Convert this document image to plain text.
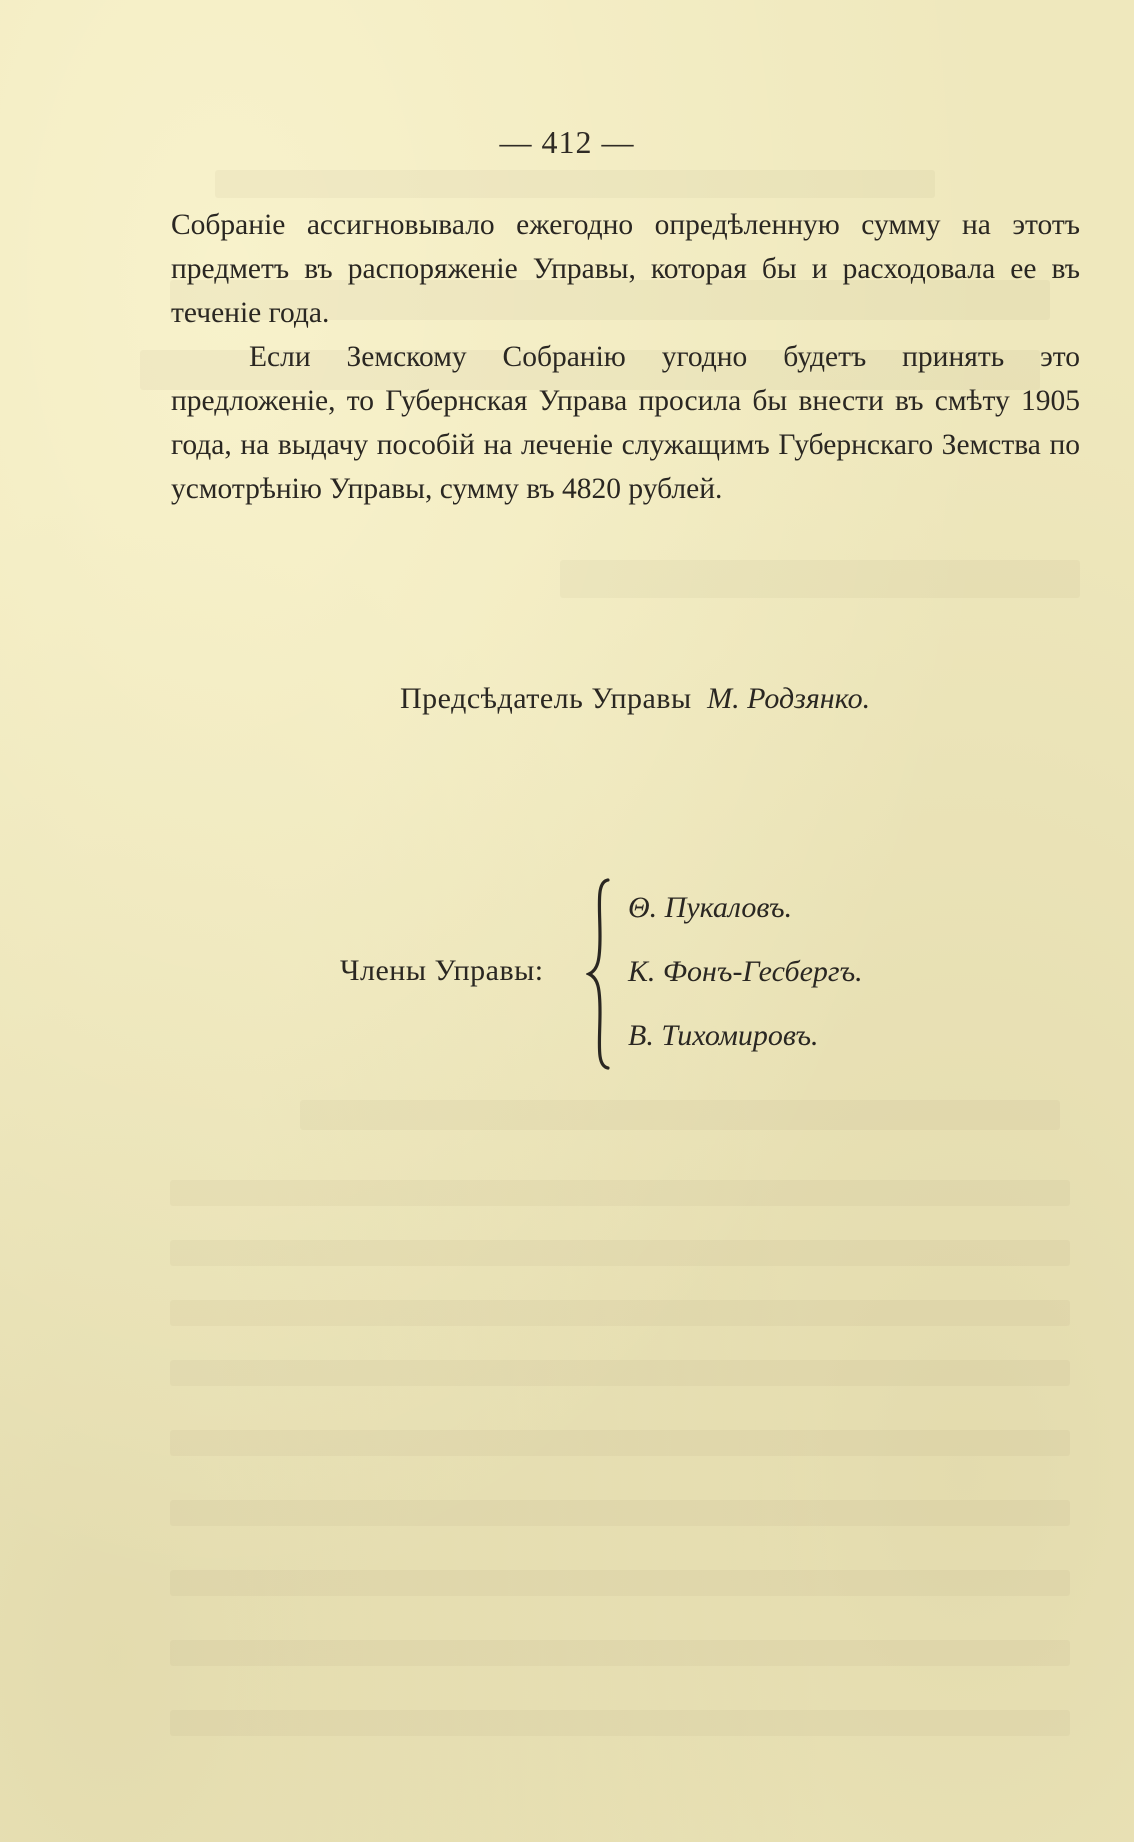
— 412 —

Собраніе ассигновывало ежегодно опредѣленную сумму на этотъ предметъ въ распоряженіе Управы, которая бы и расходовала ее въ теченіе года.

Если Земскому Собранію угодно будетъ принять это предложеніе, то Губернская Управа просила бы внести въ смѣту 1905 года, на выдачу пособій на леченіе служащимъ Губернскаго Земства по усмотрѣнію Управы, сумму въ 4820 рублей.

Предсѣдатель Управы М. Родзянко.
Члены Управы:
Θ. Пукаловъ.
К. Фонъ-Гесбергъ.
В. Тихомировъ.
